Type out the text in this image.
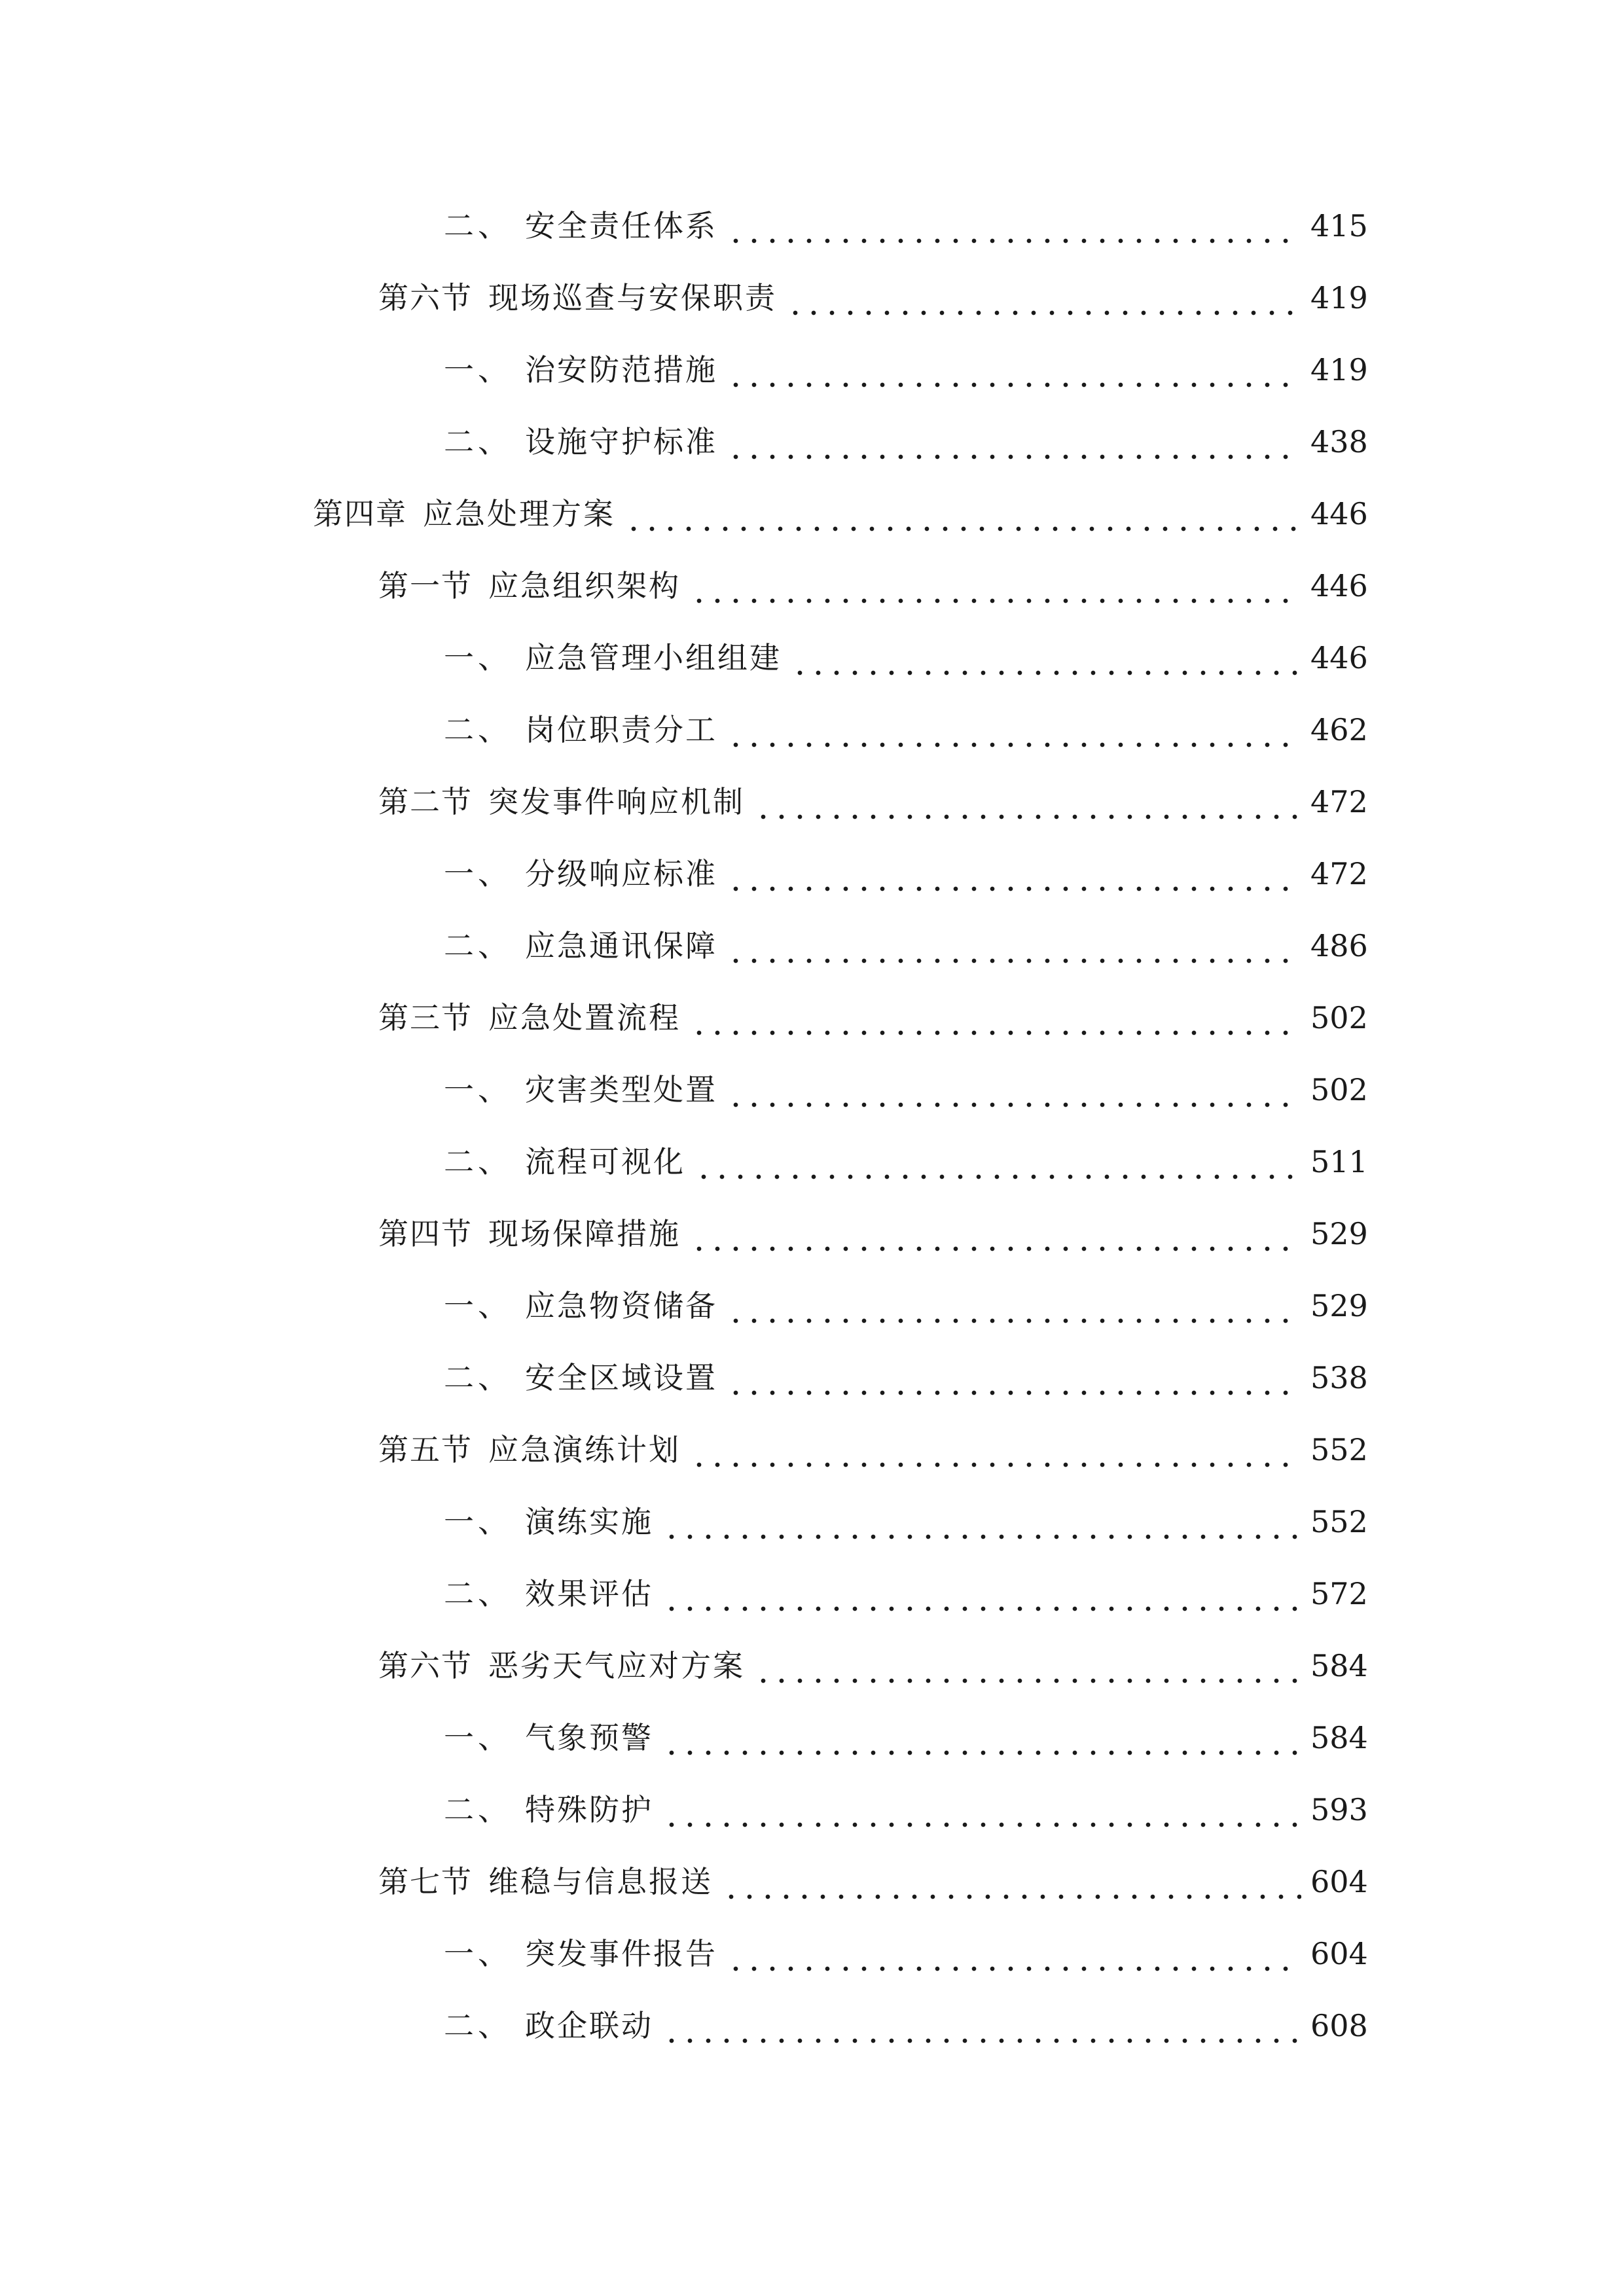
二、 安全责任体系	415
第六节 现场巡查与安保职责	419
一、 治安防范措施	419
二、 设施守护标准	438
第四章 应急处理方案	446
第一节 应急组织架构	446
一、 应急管理小组组建	446
二、 岗位职责分工	462
第二节 突发事件响应机制	472
一、 分级响应标准	472
二、 应急通讯保障	486
第三节 应急处置流程	502
一、 灾害类型处置	502
二、 流程可视化	511
第四节 现场保障措施	529
一、 应急物资储备	529
二、 安全区域设置	538
第五节 应急演练计划	552
一、 演练实施	552
二、 效果评估	572
第六节 恶劣天气应对方案	584
一、 气象预警	584
二、 特殊防护	593
第七节 维稳与信息报送	604
一、 突发事件报告	604
二、 政企联动	608
